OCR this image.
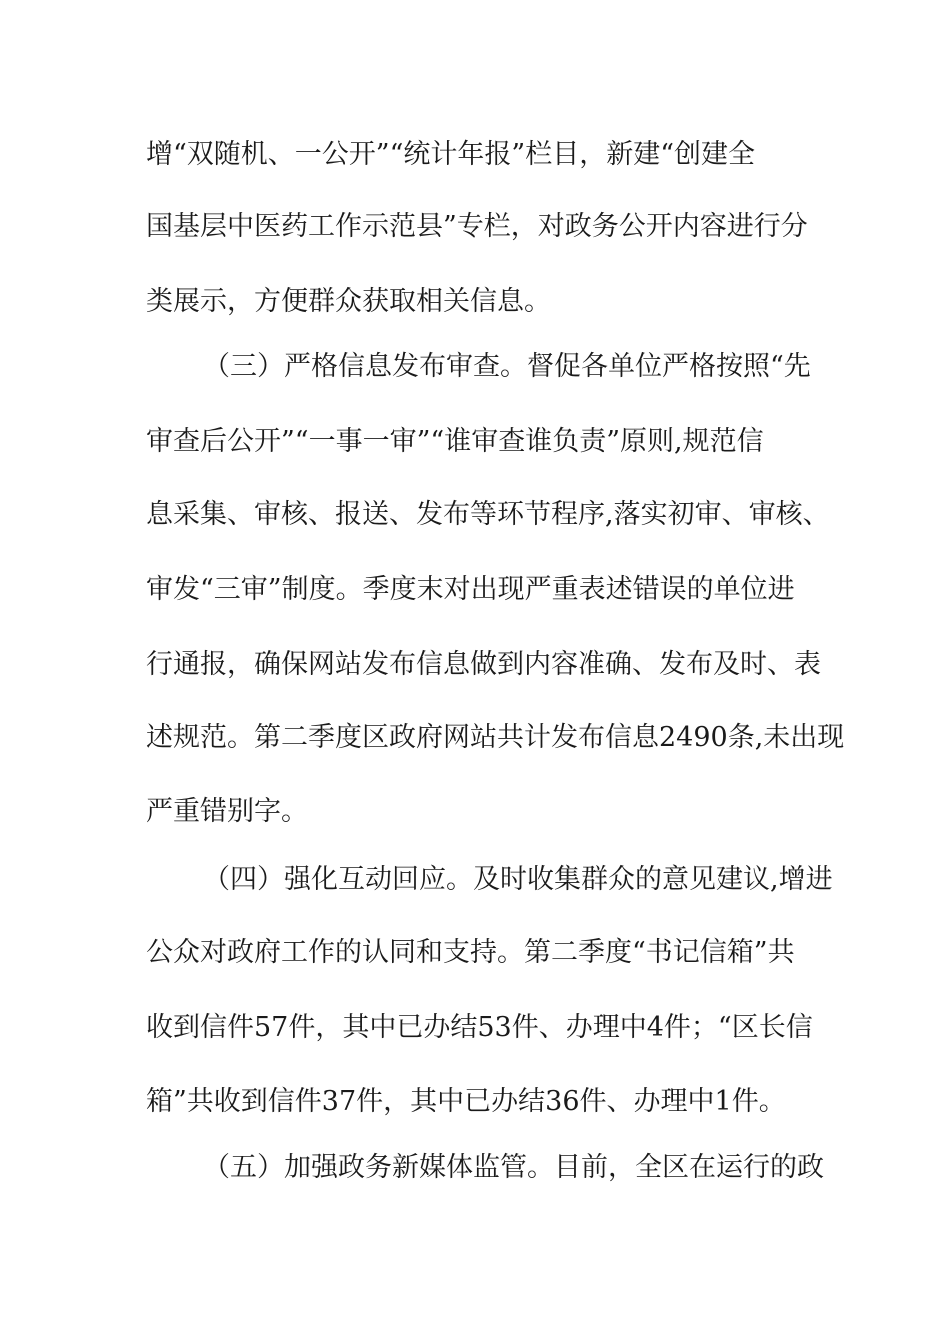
增“双随机、一公开”“统计年报”栏目，新建“创建全
国基层中医药工作示范县”专栏，对政务公开内容进行分
类展示，方便群众获取相关信息。
（三）严格信息发布审查。督促各单位严格按照“先
审查后公开”“一事一审”“谁审查谁负责”原则,规范信
息采集、审核、报送、发布等环节程序,落实初审、审核、
审发“三审”制度。季度末对出现严重表述错误的单位进
行通报，确保网站发布信息做到内容准确、发布及时、表
述规范。第二季度区政府网站共计发布信息2490条,未出现
严重错别字。
（四）强化互动回应。及时收集群众的意见建议,增进
公众对政府工作的认同和支持。第二季度“书记信箱”共
收到信件57件，其中已办结53件、办理中4件；“区长信
箱”共收到信件37件，其中已办结36件、办理中1件。
（五）加强政务新媒体监管。目前，全区在运行的政
